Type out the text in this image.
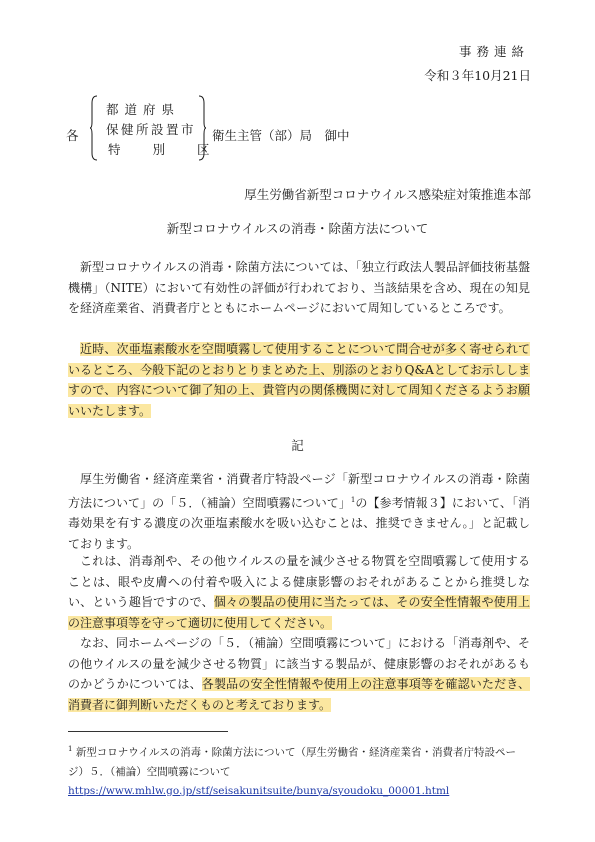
事務連絡
令和３年10月21日
各
都道府県
保健所設置市
特 別 区
衛生主管（部）局　御中
厚生労働省新型コロナウイルス感染症対策推進本部
新型コロナウイルスの消毒・除菌方法について

新型コロナウイルスの消毒・除菌方法については、「独立行政法人製品評価技術基盤機構」（NITE）において有効性の評価が行われており、当該結果を含め、現在の知見を経済産業省、消費者庁とともにホームページにおいて周知しているところです。

近時、次亜塩素酸水を空間噴霧して使用することについて問合せが多く寄せられているところ、今般下記のとおりとりまとめた上、別添のとおりQ&Aとしてお示ししますので、内容について御了知の上、貴管内の関係機関に対して周知くださるようお願いいたします。

記

厚生労働省・経済産業省・消費者庁特設ページ「新型コロナウイルスの消毒・除菌方法について」の「５．（補論）空間噴霧について」$^1$の【参考情報３】において、「消毒効果を有する濃度の次亜塩素酸水を吸い込むことは、推奨できません。」と記載しております。

これは、消毒剤や、その他ウイルスの量を減少させる物質を空間噴霧して使用することは、眼や皮膚への付着や吸入による健康影響のおそれがあることから推奨しない、という趣旨ですので、個々の製品の使用に当たっては、その安全性情報や使用上の注意事項等を守って適切に使用してください。

なお、同ホームページの「５．（補論）空間噴霧について」における「消毒剤や、その他ウイルスの量を減少させる物質」に該当する製品が、健康影響のおそれがあるものかどうかについては、各製品の安全性情報や使用上の注意事項等を確認いただき、消費者に御判断いただくものと考えております。

$^1$ 新型コロナウイルスの消毒・除菌方法について（厚生労働省・経済産業省・消費者庁特設ページ）５．（補論）空間噴霧について
https://www.mhlw.go.jp/stf/seisakunitsuite/bunya/syoudoku_00001.html
